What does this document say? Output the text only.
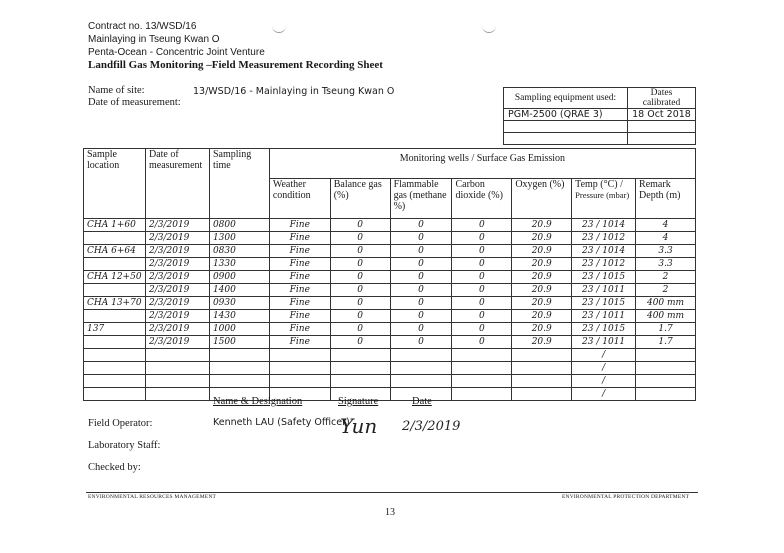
Contract no. 13/WSD/16
Mainlaying in Tseung Kwan O
Penta-Ocean - Concentric Joint Venture
Landfill Gas Monitoring –Field Measurement Recording Sheet
Name of site:	13/WSD/16 - Mainlaying in Tseung Kwan O
Date of measurement:	Sampling equipment used:	Dates calibrated
PGM-2500 (QRAE 3)	18 Oct 2018

Sample location	Date of measurement	Sampling time	Monitoring wells / Surface Gas Emission						
			Weather condition	Balance gas (%)	Flammable gas (methane %)	Carbon dioxide (%)	Oxygen (%)	Temp (°C) /
Pressure (mbar)	Remark Depth (m)
CHA 1+60	2/3/2019	0800	Fine	0	0	0	20.9	23 / 1014	4
	2/3/2019	1300	Fine	0	0	0	20.9	23 / 1012	4
CHA 6+64	2/3/2019	0830	Fine	0	0	0	20.9	23 / 1014	3.3
	2/3/2019	1330	Fine	0	0	0	20.9	23 / 1012	3.3
CHA 12+50	2/3/2019	0900	Fine	0	0	0	20.9	23 / 1015	2
	2/3/2019	1400	Fine	0	0	0	20.9	23 / 1011	2
CHA 13+70	2/3/2019	0930	Fine	0	0	0	20.9	23 / 1015	400 mm
	2/3/2019	1430	Fine	0	0	0	20.9	23 / 1011	400 mm
137	2/3/2019	1000	Fine	0	0	0	20.9	23 / 1015	1.7
	2/3/2019	1500	Fine	0	0	0	20.9	23 / 1011	1.7
								/	
								/	
								/	
								/	
Name & Designation	Signature	Date
Field Operator:	Kenneth LAU (Safety Officer)
Yun 2/3/2019
Laboratory Staff:
Checked by:
ENVIRONMENTAL RESOURCES MANAGEMENT	ENVIRONMENTAL PROTECTION DEPARTMENT
13
